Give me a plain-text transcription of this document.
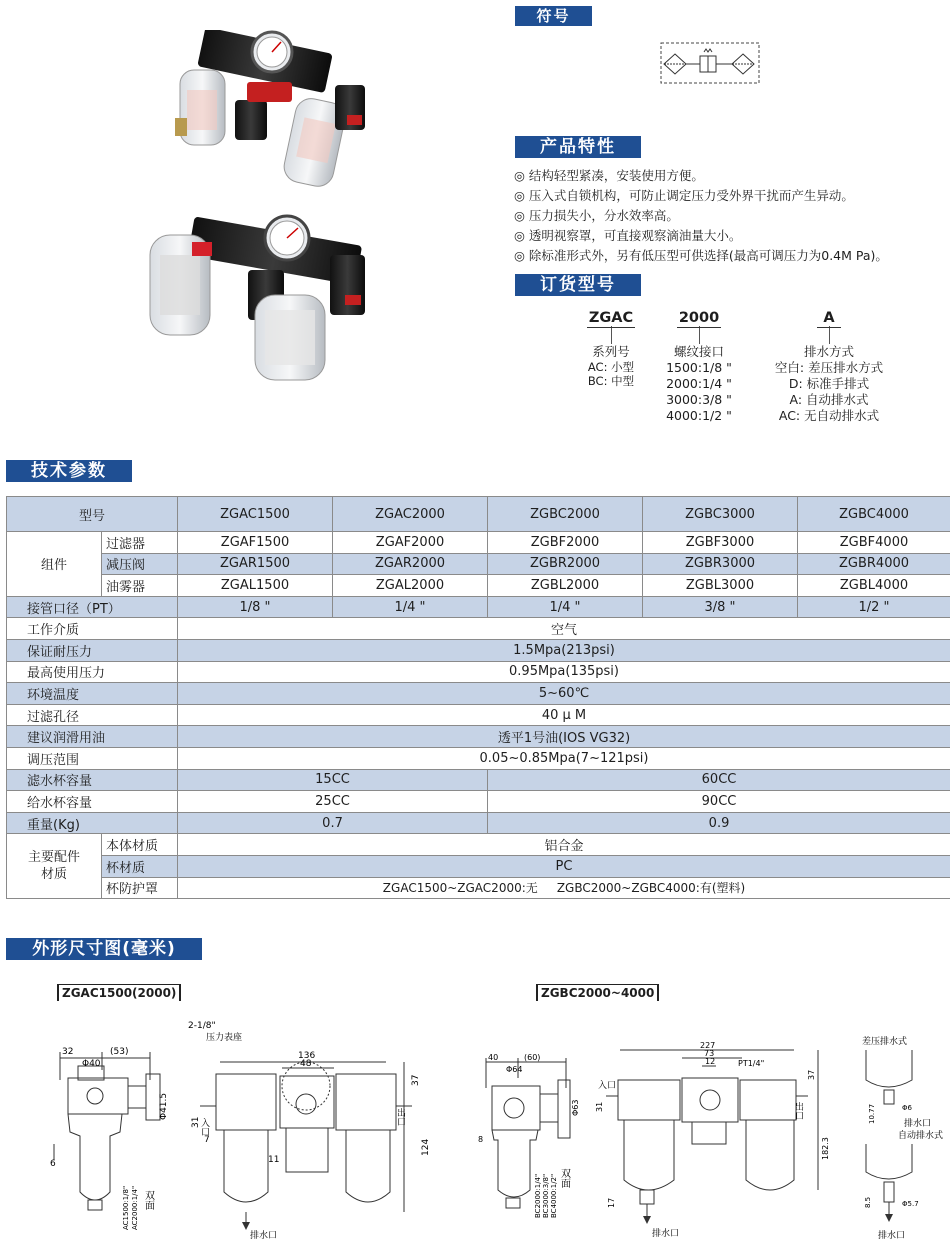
符号
产品特性
◎ 结构轻型紧凑，安装使用方便。
◎ 压入式自锁机构，可防止调定压力受外界干扰而产生异动。
◎ 压力损失小，分水效率高。
◎ 透明视察罩，可直接观察滴油量大小。
◎ 除标准形式外，另有低压型可供选择(最高可调压力为0.4M Pa)。
订货型号
ZGAC
系列号
AC: 小型
BC: 中型
2000
螺纹接口
1500:1/8 "
2000:1/4 "
3000:3/8 "
4000:1/2 "
A
排水方式
空白: 差压排水方式
D: 标准手排式
A: 自动排水式
AC: 无自动排水式
技术参数
型号		ZGAC1500	ZGAC2000	ZGBC2000	ZGBC3000	ZGBC4000
组件	过滤器	ZGAF1500	ZGAF2000	ZGBF2000	ZGBF3000	ZGBF4000
	减压阀	ZGAR1500	ZGAR2000	ZGBR2000	ZGBR3000	ZGBR4000
	油雾器	ZGAL1500	ZGAL2000	ZGBL2000	ZGBL3000	ZGBL4000
接管口径（PT）		1/8 "	1/4 "	1/4 "	3/8 "	1/2 "
工作介质		空气				
保证耐压力		1.5Mpa(213psi)				
最高使用压力		0.95Mpa(135psi)				
环境温度		5~60℃				
过滤孔径		40 μ M				
建议润滑用油		透平1号油(IOS VG32)				
调压范围		0.05~0.85Mpa(7~121psi)				
滤水杯容量		15CC		60CC		
给水杯容量		25CC		90CC		
重量(Kg)		0.7		0.9		

主要配件
材质	本体材质	铝合金				
	杯材质	PC				
	杯防护罩	ZGAC1500~ZGAC2000:无     ZGBC2000~ZGBC4000:有(塑料)				
外形尺寸图(毫米)
ZGAC1500(2000)	ZGBC2000~4000
32	(53)
Φ40
Φ41.5
6
双面
AC1500:1/8" AC2000:1/4"
2-1/8"
压力表座
136
48
37
31
124
11
7
入口
出口
排水口
40	(60)
Φ64
Φ63
8
双面
BC2000:1/4" BC3000:3/8" BC4000:1/2"
227
73
12	PT1/4"
37
31
182.3
17
入口
出口
排水口
差压排水式
10.77	Φ6
排水口
自动排水式
8.5	Φ5.7
排水口
